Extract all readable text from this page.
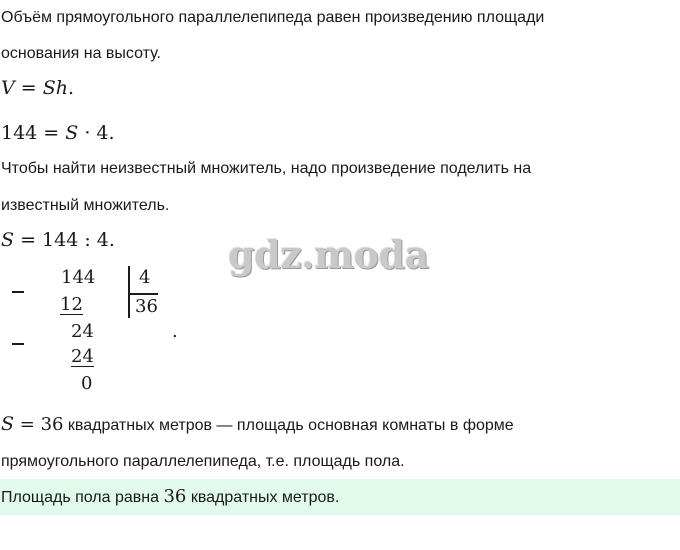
Объём прямоугольного параллелепипеда равен произведению площади
основания на высоту.
V = Sh.
144 = S · 4.
Чтобы найти неизвестный множитель, надо произведение поделить на
известный множитель.
S = 144 : 4.	gdz.moda
144
12
24
24
0
4
36
.
S = 36 квадратных метров — площадь основная комнаты в форме
прямоугольного параллелепипеда, т.е. площадь пола.
Площадь пола равна 36 квадратных метров.
